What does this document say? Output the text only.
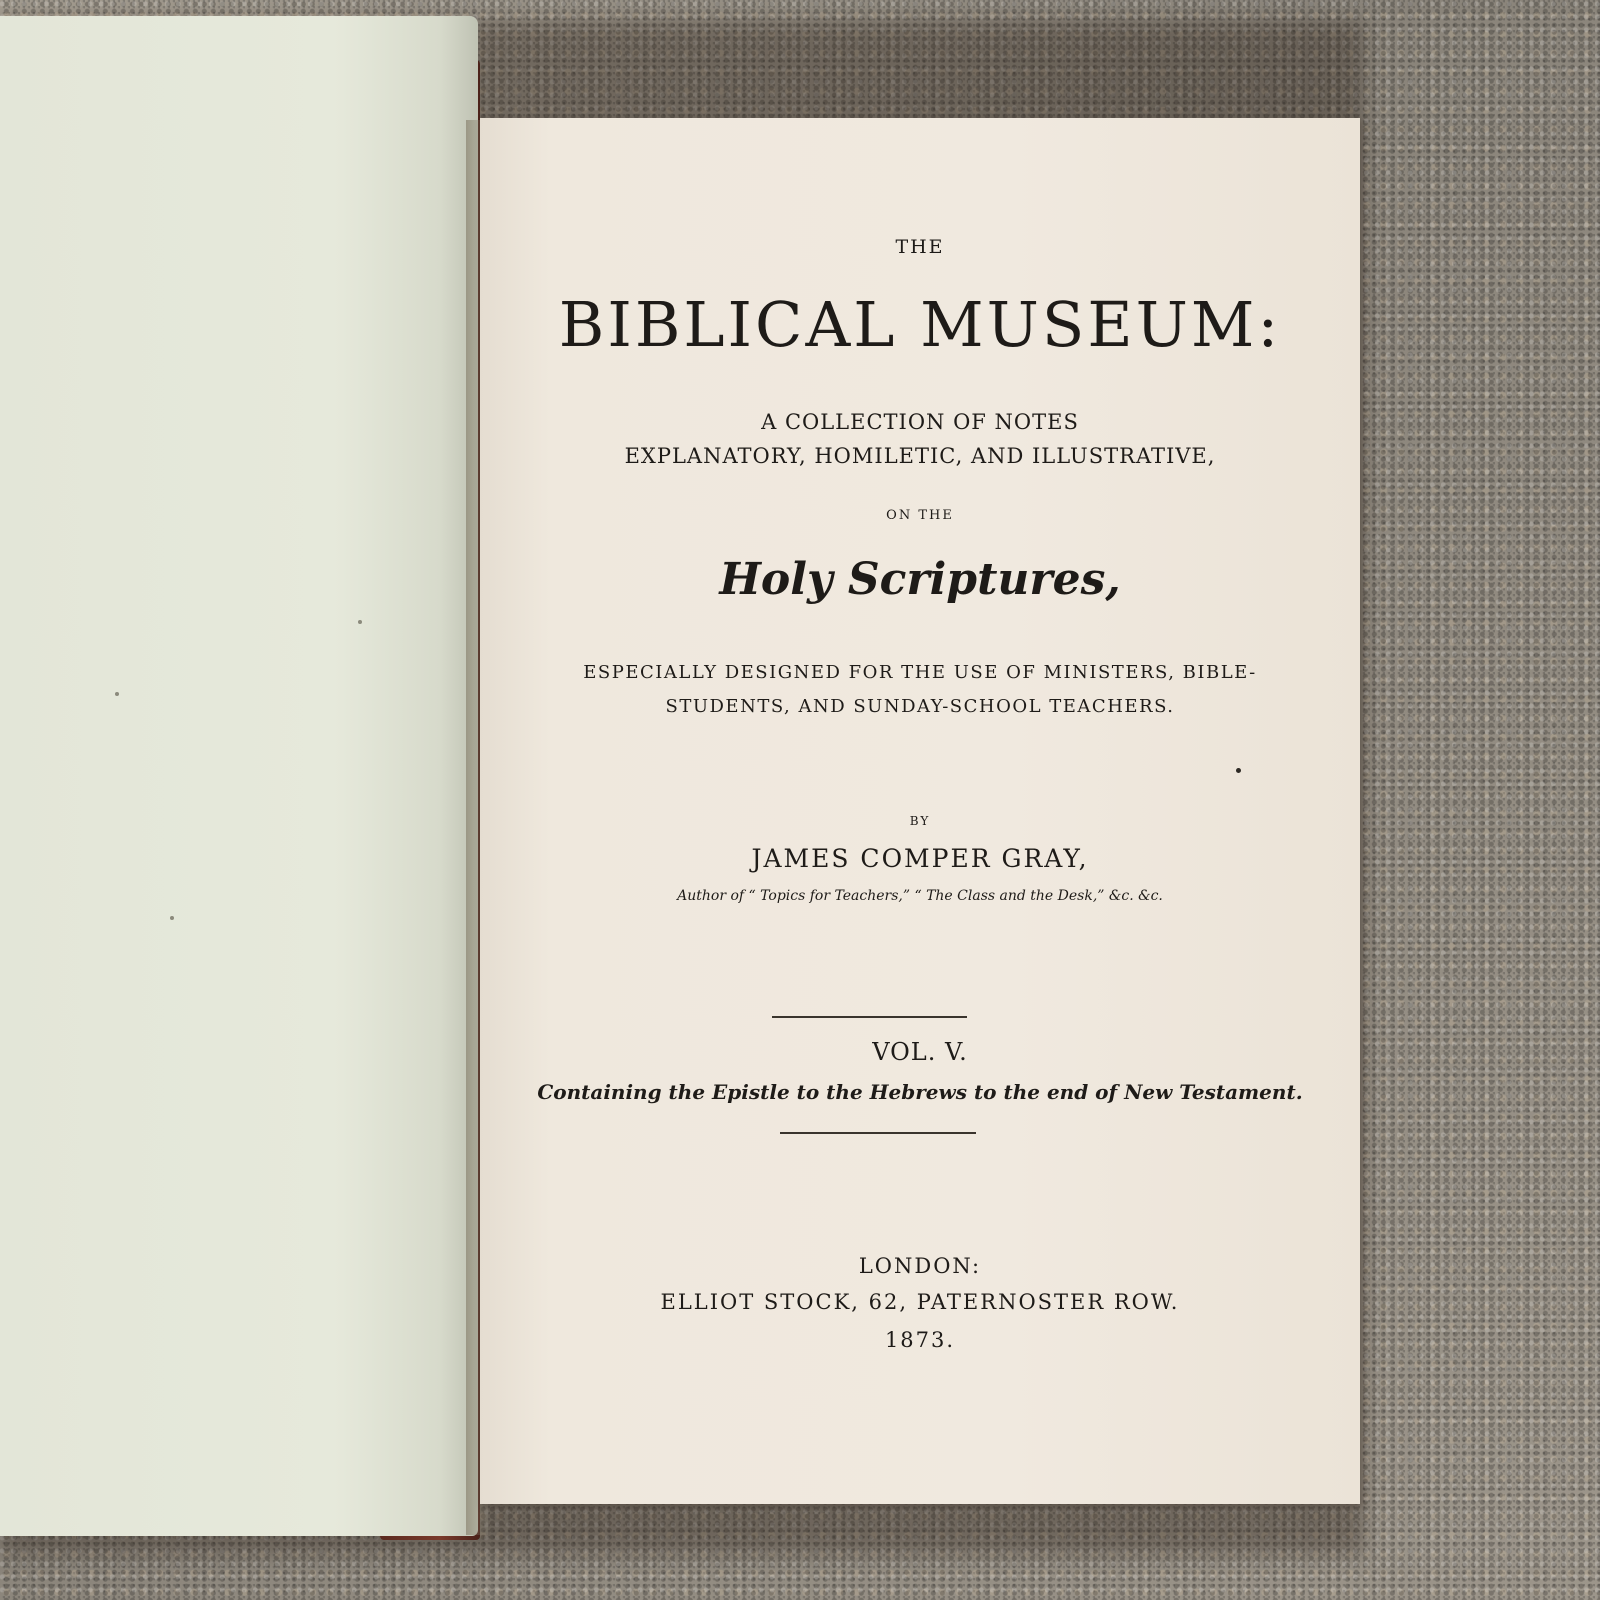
THE
BIBLICAL MUSEUM:
A COLLECTION OF NOTES
EXPLANATORY, HOMILETIC, AND ILLUSTRATIVE,
ON THE
Holy Scriptures,
ESPECIALLY DESIGNED FOR THE USE OF MINISTERS, BIBLE-
STUDENTS, AND SUNDAY-SCHOOL TEACHERS.
BY
JAMES COMPER GRAY,
Author of “ Topics for Teachers,” “ The Class and the Desk,” &c. &c.
VOL. V.
Containing the Epistle to the Hebrews to the end of New Testament.
LONDON:
ELLIOT STOCK, 62, PATERNOSTER ROW.
1873.
